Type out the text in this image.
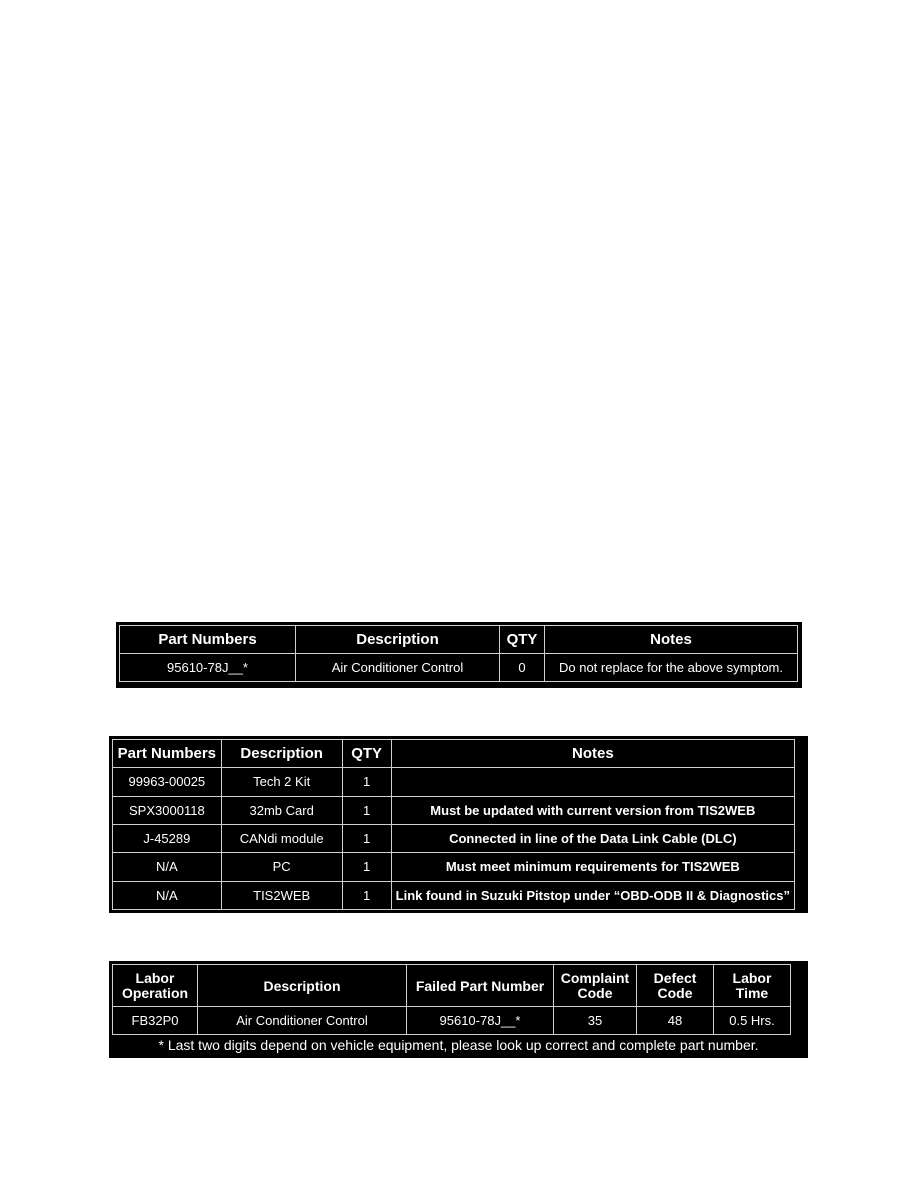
Part Numbers	Description	QTY	Notes
95610-78J__*	Air Conditioner Control	0	Do not replace for the above symptom.
Part Numbers	Description	QTY	Notes
99963-00025	Tech 2 Kit	1	
SPX3000118	32mb Card	1	Must be updated with current version from TIS2WEB
J-45289	CANdi module	1	Connected in line of the Data Link Cable (DLC)
N/A	PC	1	Must meet minimum requirements for TIS2WEB
N/A	TIS2WEB	1	Link found in Suzuki Pitstop under “OBD-ODB II & Diagnostics”
Labor Operation	Description	Failed Part Number	Complaint Code	Defect Code	Labor Time
FB32P0	Air Conditioner Control	95610-78J__*	35	48	0.5 Hrs.
* Last two digits depend on vehicle equipment, please look up correct and complete part number.
